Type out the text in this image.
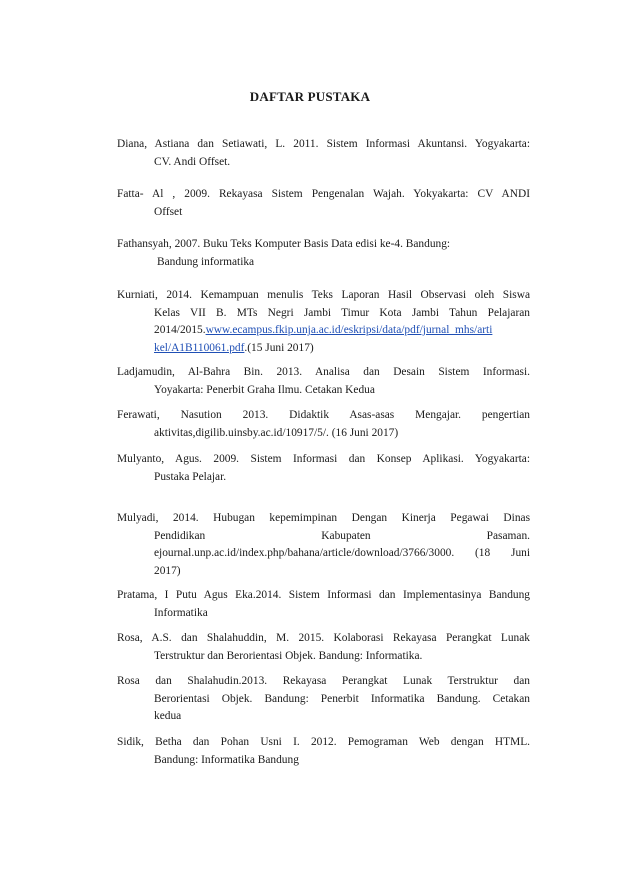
DAFTAR PUSTAKA
Diana, Astiana dan Setiawati, L. 2011. Sistem Informasi Akuntansi. Yogyakarta:
CV. Andi Offset.
Fatta- Al , 2009. Rekayasa Sistem Pengenalan Wajah. Yokyakarta: CV ANDI
Offset
Fathansyah, 2007. Buku Teks Komputer Basis Data edisi ke-4. Bandung:
Bandung informatika
Kurniati, 2014. Kemampuan menulis Teks Laporan Hasil Observasi oleh Siswa
Kelas VII B. MTs Negri Jambi Timur Kota Jambi Tahun Pelajaran
2014/2015.www.ecampus.fkip.unja.ac.id/eskripsi/data/pdf/jurnal_mhs/arti
kel/A1B110061.pdf.(15 Juni 2017)
Ladjamudin, Al-Bahra Bin. 2013. Analisa dan Desain Sistem Informasi.
Yoyakarta: Penerbit Graha Ilmu. Cetakan Kedua
Ferawati, Nasution 2013. Didaktik Asas-asas Mengajar. pengertian
aktivitas,digilib.uinsby.ac.id/10917/5/. (16 Juni 2017)
Mulyanto, Agus. 2009. Sistem Informasi dan Konsep Aplikasi. Yogyakarta:
Pustaka Pelajar.
Mulyadi, 2014. Hubugan kepemimpinan Dengan Kinerja Pegawai Dinas
Pendidikan Kabupaten Pasaman.
ejournal.unp.ac.id/index.php/bahana/article/download/3766/3000. (18 Juni
2017)
Pratama, I Putu Agus Eka.2014. Sistem Informasi dan Implementasinya Bandung
Informatika
Rosa, A.S. dan Shalahuddin, M. 2015. Kolaborasi Rekayasa Perangkat Lunak
Terstruktur dan Berorientasi Objek. Bandung: Informatika.
Rosa dan Shalahudin.2013. Rekayasa Perangkat Lunak Terstruktur dan
Berorientasi Objek. Bandung: Penerbit Informatika Bandung. Cetakan
kedua
Sidik, Betha dan Pohan Usni I. 2012. Pemograman Web dengan HTML.
Bandung: Informatika Bandung
